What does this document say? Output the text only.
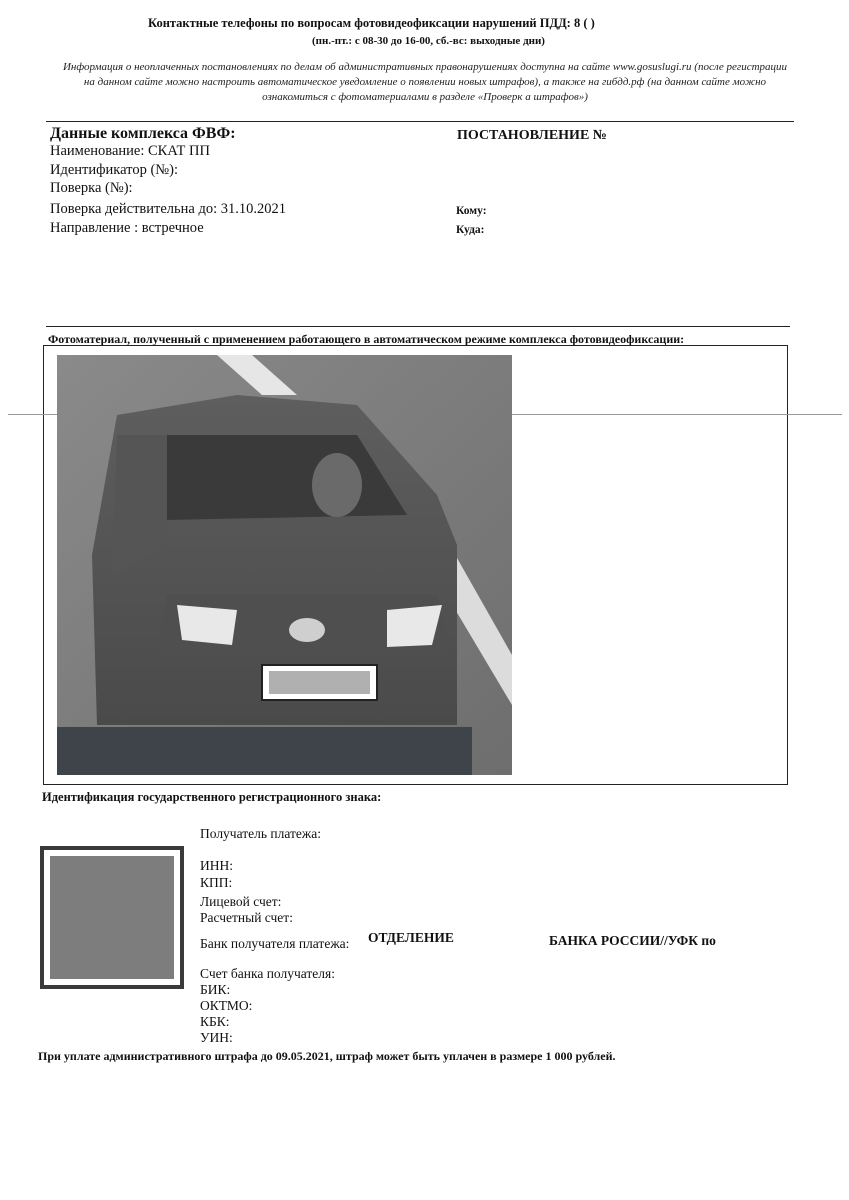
Контактные телефоны по вопросам фотовидеофиксации нарушений ПДД: 8 ( )
(пн.-пт.: с 08-30 до 16-00, сб.-вс: выходные дни)
Информация о неоплаченных постановлениях по делам об административных правонарушениях доступна на сайте www.gosuslugi.ru (после регистрации на данном сайте можно настроить автоматическое уведомление о появлении новых штрафов), а также на гибдд.рф (на данном сайте можно ознакомиться с фотоматериалами в разделе «Проверк а штрафов»)
Данные комплекса ФВФ:
Наименование: СКАТ ПП
Идентификатор (№):
Поверка (№):
Поверка действительна до: 31.10.2021
Направление : встречное
ПОСТАНОВЛЕНИЕ №
Кому:
Куда:
Фотоматериал, полученный с применением работающего в автоматическом режиме комплекса фотовидеофиксации:
Идентификация государственного регистрационного знака:
Получатель платежа:
ИНН:
КПП:
Лицевой счет:
Расчетный счет:
Банк получателя платежа: ОТДЕЛЕНИЕ	БАНКА РОССИИ//УФК по
Счет банка получателя:
БИК:
ОКТМО:
КБК:
УИН:
При уплате административного штрафа до 09.05.2021, штраф может быть уплачен в размере 1 000 рублей.
